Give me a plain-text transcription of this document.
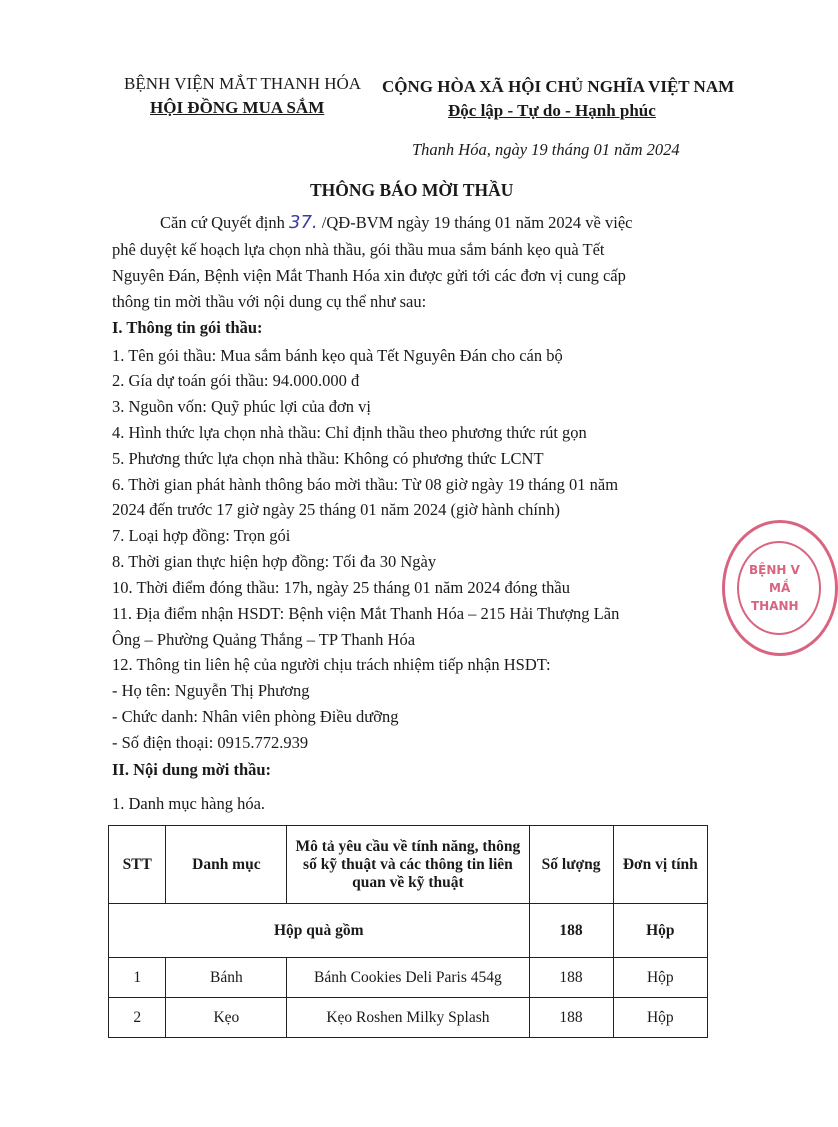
BỆNH VIỆN MẮT THANH HÓA
HỘI ĐỒNG MUA SẮM
CỘNG HÒA XÃ HỘI CHỦ NGHĨA VIỆT NAM
Độc lập - Tự do - Hạnh phúc
Thanh Hóa, ngày 19 tháng 01 năm 2024
THÔNG BÁO MỜI THẦU
Căn cứ Quyết định 37. /QĐ-BVM ngày 19 tháng 01 năm 2024 về việc
phê duyệt kế hoạch lựa chọn nhà thầu, gói thầu mua sắm bánh kẹo quà Tết
Nguyên Đán, Bệnh viện Mắt Thanh Hóa xin được gửi tới các đơn vị cung cấp
thông tin mời thầu với nội dung cụ thể như sau:
I. Thông tin gói thầu:
1. Tên gói thầu: Mua sắm bánh kẹo quà Tết Nguyên Đán cho cán bộ
2. Gía dự toán gói thầu: 94.000.000 đ
3. Nguồn vốn: Quỹ phúc lợi của đơn vị
4. Hình thức lựa chọn nhà thầu: Chỉ định thầu theo phương thức rút gọn
5. Phương thức lựa chọn nhà thầu: Không có phương thức LCNT
6. Thời gian phát hành thông báo mời thầu: Từ 08 giờ ngày 19 tháng 01 năm
2024 đến trước 17 giờ ngày 25 tháng 01 năm 2024 (giờ hành chính)
7. Loại hợp đồng: Trọn gói
8. Thời gian thực hiện hợp đồng: Tối đa 30 Ngày
10. Thời điểm đóng thầu: 17h, ngày 25 tháng 01 năm 2024 đóng thầu
11. Địa điểm nhận HSDT: Bệnh viện Mắt Thanh Hóa – 215 Hải Thượng Lãn
Ông – Phường Quảng Thắng – TP Thanh Hóa
12. Thông tin liên hệ của người chịu trách nhiệm tiếp nhận HSDT:
- Họ tên: Nguyễn Thị Phương
- Chức danh: Nhân viên phòng Điều dưỡng
- Số điện thoại: 0915.772.939
II. Nội dung mời thầu:
1. Danh mục hàng hóa.
STT	Danh mục	Mô tả yêu cầu về tính năng, thông
số kỹ thuật và các thông tin liên
quan về kỹ thuật	Số lượng	Đơn vị tính
Hộp quà gồm			188	Hộp
1	Bánh	Bánh Cookies Deli Paris 454g	188	Hộp
2	Kẹo	Kẹo Roshen Milky Splash	188	Hộp
BỆNH V
MẮ
THANH
